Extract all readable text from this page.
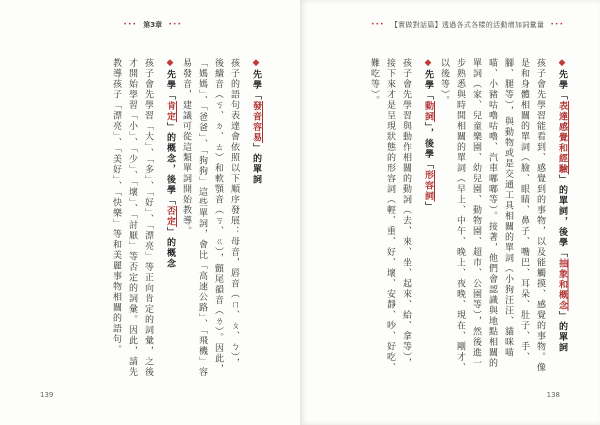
••• 第3章 •••

◆先學「發音容易」的單詞

孩子的語句表達會依照以下順序發展：母音，唇音（ㄇ、ㄆ、ㄅ），後續音（ㄎ、ㄉ、ㄊ）和軟顎音（ㄎ、ㄍ），顫尾韻音（ㄌ）。因此，「媽媽」、「爸爸」、「狗狗」這些單詞，會比「高速公路」、「飛機」容易發音，建議可從這類單詞開始教導。

◆先學「肯定」的概念，後學「否定」的概念

孩子會先學習「大」、「多」、「好」、「漂亮」等正向肯定的詞彙，之後才開始學習「小」、「少」、「壞」、「討厭」等否定的詞彙。因此，請先教導孩子「漂亮」、「美好」、「快樂」等和美麗事物相關的語句。

139
••• 【實做對話篇】透過各式各樣的活動增加詞彙量 •••

◆先學「表達感覺和經驗」的單詞，後學「抽象和概念」的單詞

孩子會先學習能看到、感覺到的事物，以及能觸摸、感覺的事物。像是和身體相關的單詞（臉、眼睛、鼻子、嘴巴、耳朵、肚子、手、腳、腿等），與動物或是交通工具相關的單詞（小狗汪汪、貓咪喵喵、小豬咕嚕咕嚕、汽車嘟嘟等）。接著，他們會認識與地點相關的單詞（家、兒童樂園、幼兒園、動物園、超市、公園等），然後進一步熟悉與時間相關的單詞（早上、中午、晚上、夜晚、現在、剛才、以後等）。

◆先學「動詞」，後學「形容詞」

孩子會先學習與動作相關的動詞（去、來、坐、起來、給、拿等），接下來才是呈現狀態的形容詞（輕、重、好、壞、安靜、吵、好吃、難吃等）。

138
